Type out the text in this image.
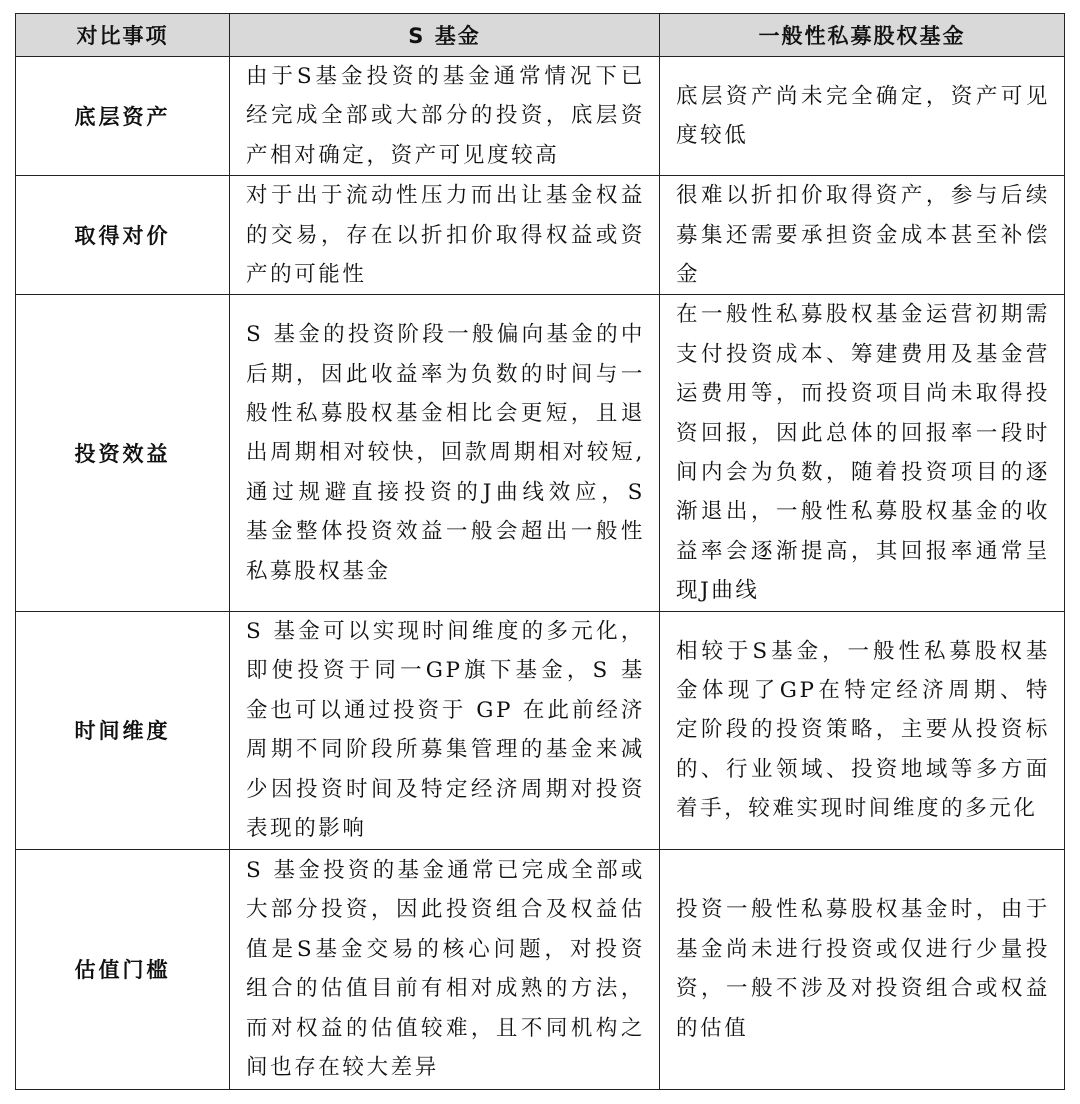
对比事项	S 基金	一般性私募股权基金
底层资产	由于S基金投资的基金通常情况下已经完成全部或大部分的投资，底层资产相对确定，资产可见度较高	底层资产尚未完全确定，资产可见度较低

取得对价	对于出于流动性压力而出让基金权益的交易，存在以折扣价取得权益或资产的可能性	很难以折扣价取得资产，参与后续募集还需要承担资金成本甚至补偿金

投资效益	S 基金的投资阶段一般偏向基金的中后期，因此收益率为负数的时间与一般性私募股权基金相比会更短，且退出周期相对较快，回款周期相对较短,通过规避直接投资的J曲线效应，S 基金整体投资效益一般会超出一般性私募股权基金	在一般性私募股权基金运营初期需支付投资成本、筹建费用及基金营运费用等，而投资项目尚未取得投资回报，因此总体的回报率一段时间内会为负数，随着投资项目的逐渐退出，一般性私募股权基金的收益率会逐渐提高，其回报率通常呈现J曲线

时间维度	S 基金可以实现时间维度的多元化，即使投资于同一GP旗下基金，S 基金也可以通过投资于 GP 在此前经济周期不同阶段所募集管理的基金来减少因投资时间及特定经济周期对投资表现的影响	相较于S基金，一般性私募股权基金体现了GP在特定经济周期、特定阶段的投资策略，主要从投资标的、行业领域、投资地域等多方面着手，较难实现时间维度的多元化

估值门槛	S 基金投资的基金通常已完成全部或大部分投资，因此投资组合及权益估值是S基金交易的核心问题，对投资组合的估值目前有相对成熟的方法，而对权益的估值较难，且不同机构之间也存在较大差异	投资一般性私募股权基金时，由于基金尚未进行投资或仅进行少量投资，一般不涉及对投资组合或权益的估值
